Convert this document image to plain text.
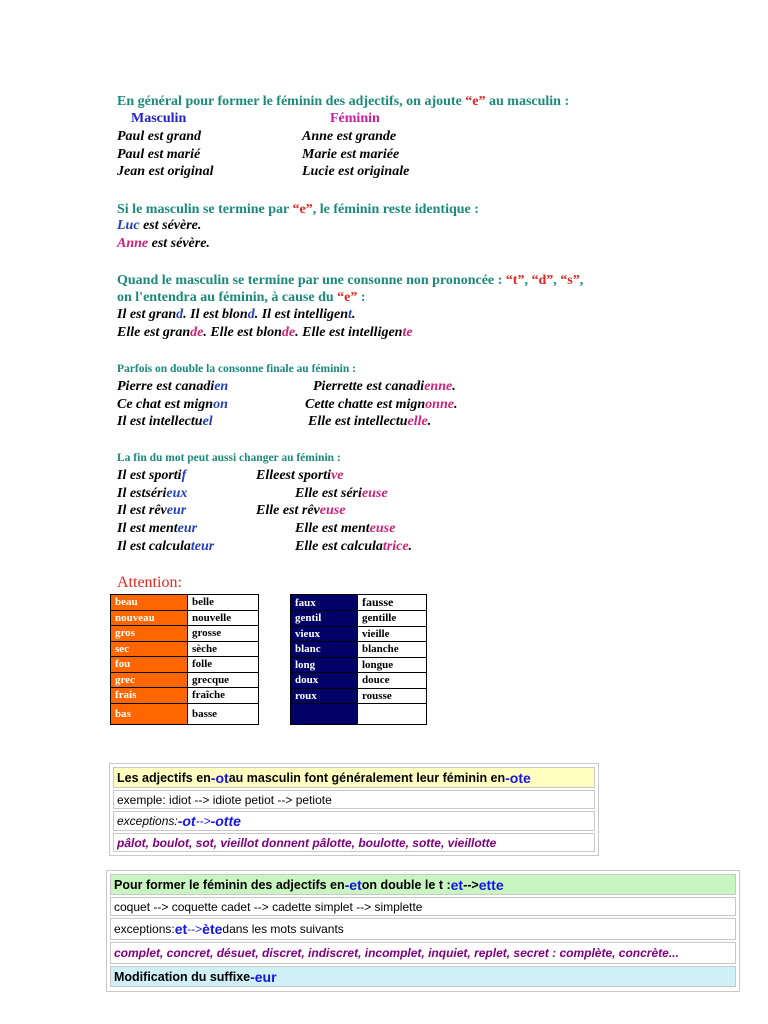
En général pour former le féminin des adjectifs, on ajoute “e” au masculin :
Masculin	Féminin
Paul est grand	Anne est grande
Paul est marié	Marie est mariée
Jean est original	Lucie est originale
Si le masculin se termine par “e”, le féminin reste identique :
Luc est sévère.
Anne est sévère.
Quand le masculin se termine par une consonne non prononcée : “t”, “d”, “s”,
on l'entendra au féminin, à cause du “e” :
Il est grand. Il est blond. Il est intelligent.
Elle est grande. Elle est blonde. Elle est intelligente
Parfois on double la consonne finale au féminin :
Pierre est canadien	Pierrette est canadienne.
Ce chat est mignon	Cette chatte est mignonne.
Il est intellectuel	Elle est intellectuelle.
La fin du mot peut aussi changer au féminin :
Il est sportif	Elleest sportive
Il estsérieux	Elle est sérieuse
Il est rêveur	Elle est rêveuse
Il est menteur	Elle est menteuse
Il est calculateur	Elle est calculatrice.
Attention:
beau	belle
nouveau	nouvelle
gros	grosse
sec	sèche
fou	folle
grec	grecque
frais	fraîche
bas	basse
faux	fausse
gentil	gentille
vieux	vieille
blanc	blanche
long	longue
doux	douce
roux	rousse

Les adjectifs en -ot au masculin font généralement leur féminin en -ote
exemple: idiot --> idiote petiot --> petiote
exceptions: -ot --> -otte
pâlot, boulot, sot, vieillot donnent pâlotte, boulotte, sotte, vieillotte
Pour former le féminin des adjectifs en -et on double le t : et --> ette
coquet --> coquette cadet --> cadette simplet --> simplette
exceptions: et --> ète dans les mots suivants
complet, concret, désuet, discret, indiscret, incomplet, inquiet, replet, secret : complète, concrète...
Modification du suffixe -eur
